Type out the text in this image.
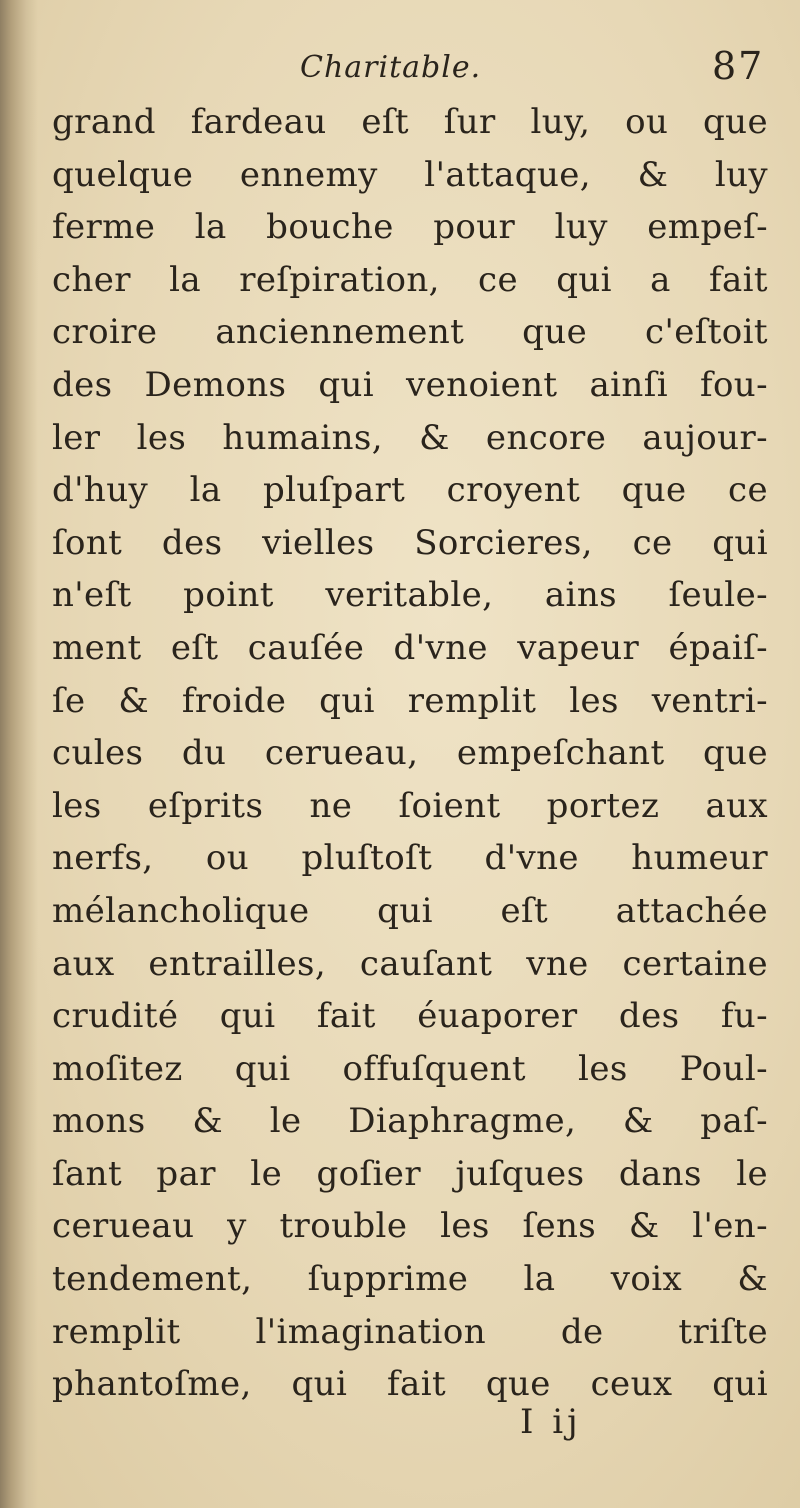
Charitable.	87
grand fardeau eſt ſur luy, ou que
quelque ennemy l'attaque, & luy
ferme la bouche pour luy empeſ-
cher la reſpiration, ce qui a fait
croire anciennement que c'eſtoit
des Demons qui venoient ainſi fou-
ler les humains, & encore aujour-
d'huy la pluſpart croyent que ce
ſont des vielles Sorcieres, ce qui
n'eſt point veritable, ains ſeule-
ment eſt cauſée d'vne vapeur épaiſ-
ſe & froide qui remplit les ventri-
cules du cerueau, empeſchant que
les eſprits ne ſoient portez aux
nerfs, ou pluſtoſt d'vne humeur
mélancholique qui eſt attachée
aux entrailles, cauſant vne certaine
crudité qui fait éuaporer des fu-
moſitez qui offuſquent les Poul-
mons & le Diaphragme, & paſ-
ſant par le goſier juſques dans le
cerueau y trouble les ſens & l'en-
tendement, ſupprime la voix &
remplit l'imagination de triſte
phantoſme, qui fait que ceux qui
I ij
